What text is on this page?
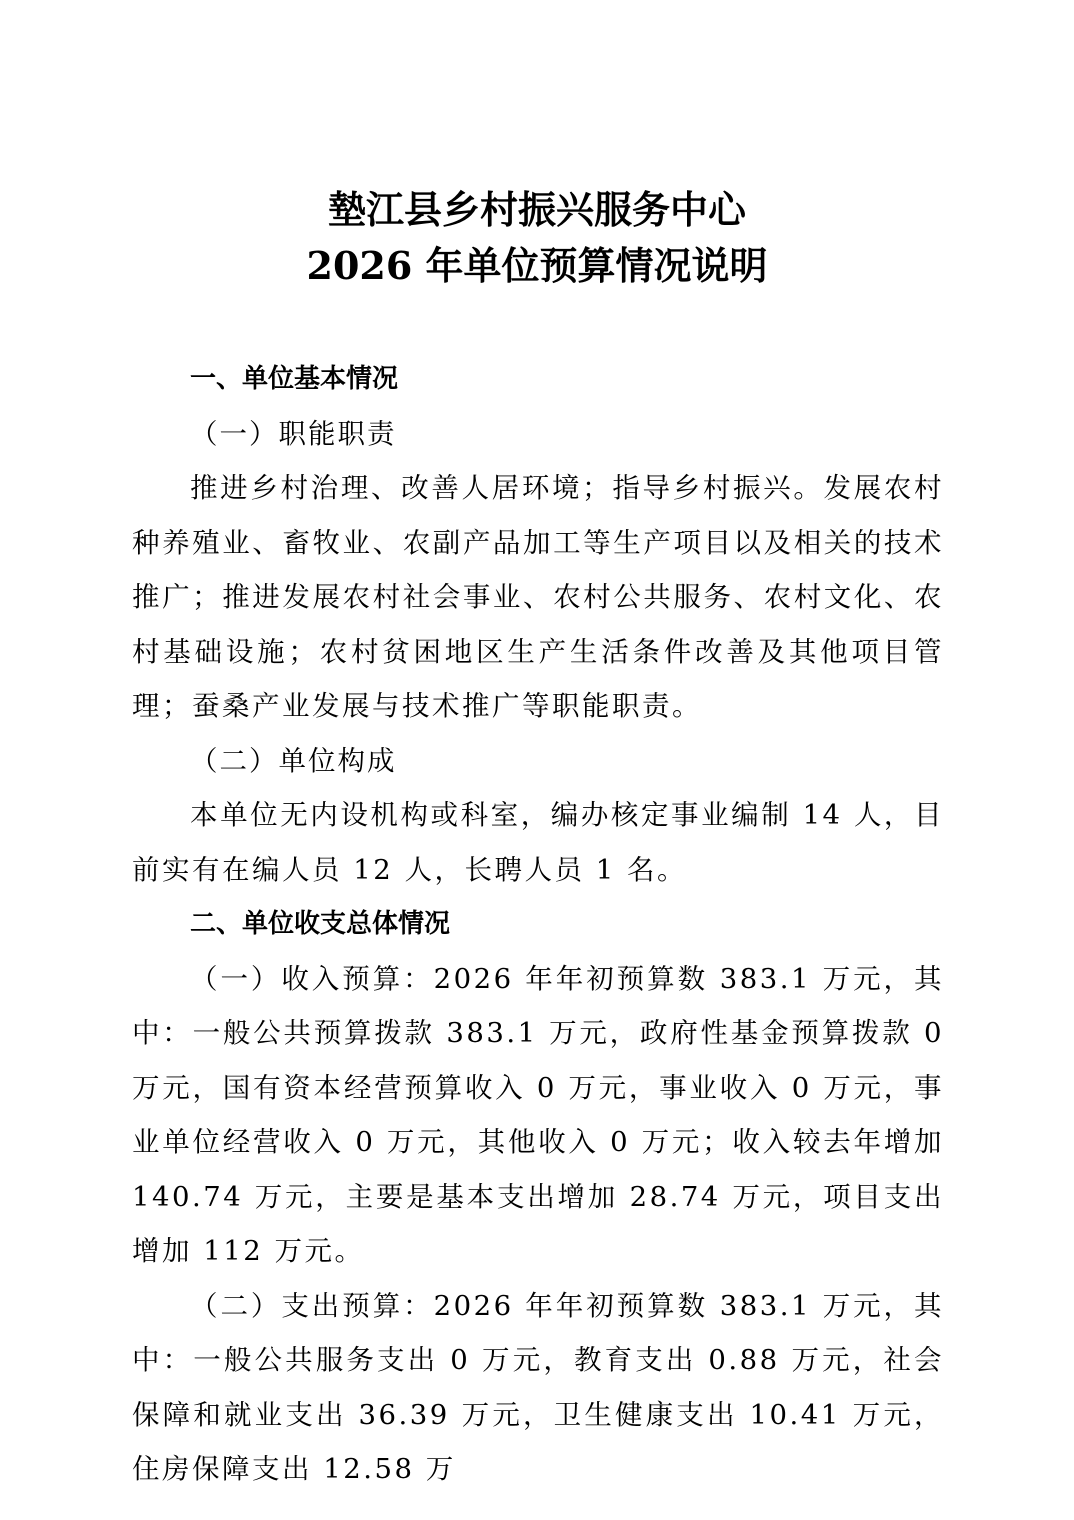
墊江县乡村振兴服务中心
2026 年单位预算情况说明

一、单位基本情况

（一）职能职责

推进乡村治理、改善人居环境；指导乡村振兴。发展农村种养殖业、畜牧业、农副产品加工等生产项目以及相关的技术推广；推进发展农村社会事业、农村公共服务、农村文化、农村基础设施；农村贫困地区生产生活条件改善及其他项目管理；蚕桑产业发展与技术推广等职能职责。

（二）单位构成

本单位无内设机构或科室，编办核定事业编制 14 人，目前实有在编人员 12 人，长聘人员 1 名。

二、单位收支总体情况

（一）收入预算：2026 年年初预算数 383.1 万元，其中：一般公共预算拨款 383.1 万元，政府性基金预算拨款 0 万元，国有资本经营预算收入 0 万元，事业收入 0 万元，事业单位经营收入 0 万元，其他收入 0 万元；收入较去年增加 140.74 万元，主要是基本支出增加 28.74 万元，项目支出增加 112 万元。

（二）支出预算：2026 年年初预算数 383.1 万元，其中：一般公共服务支出 0 万元，教育支出 0.88 万元，社会保障和就业支出 36.39 万元，卫生健康支出 10.41 万元，住房保障支出 12.58 万
